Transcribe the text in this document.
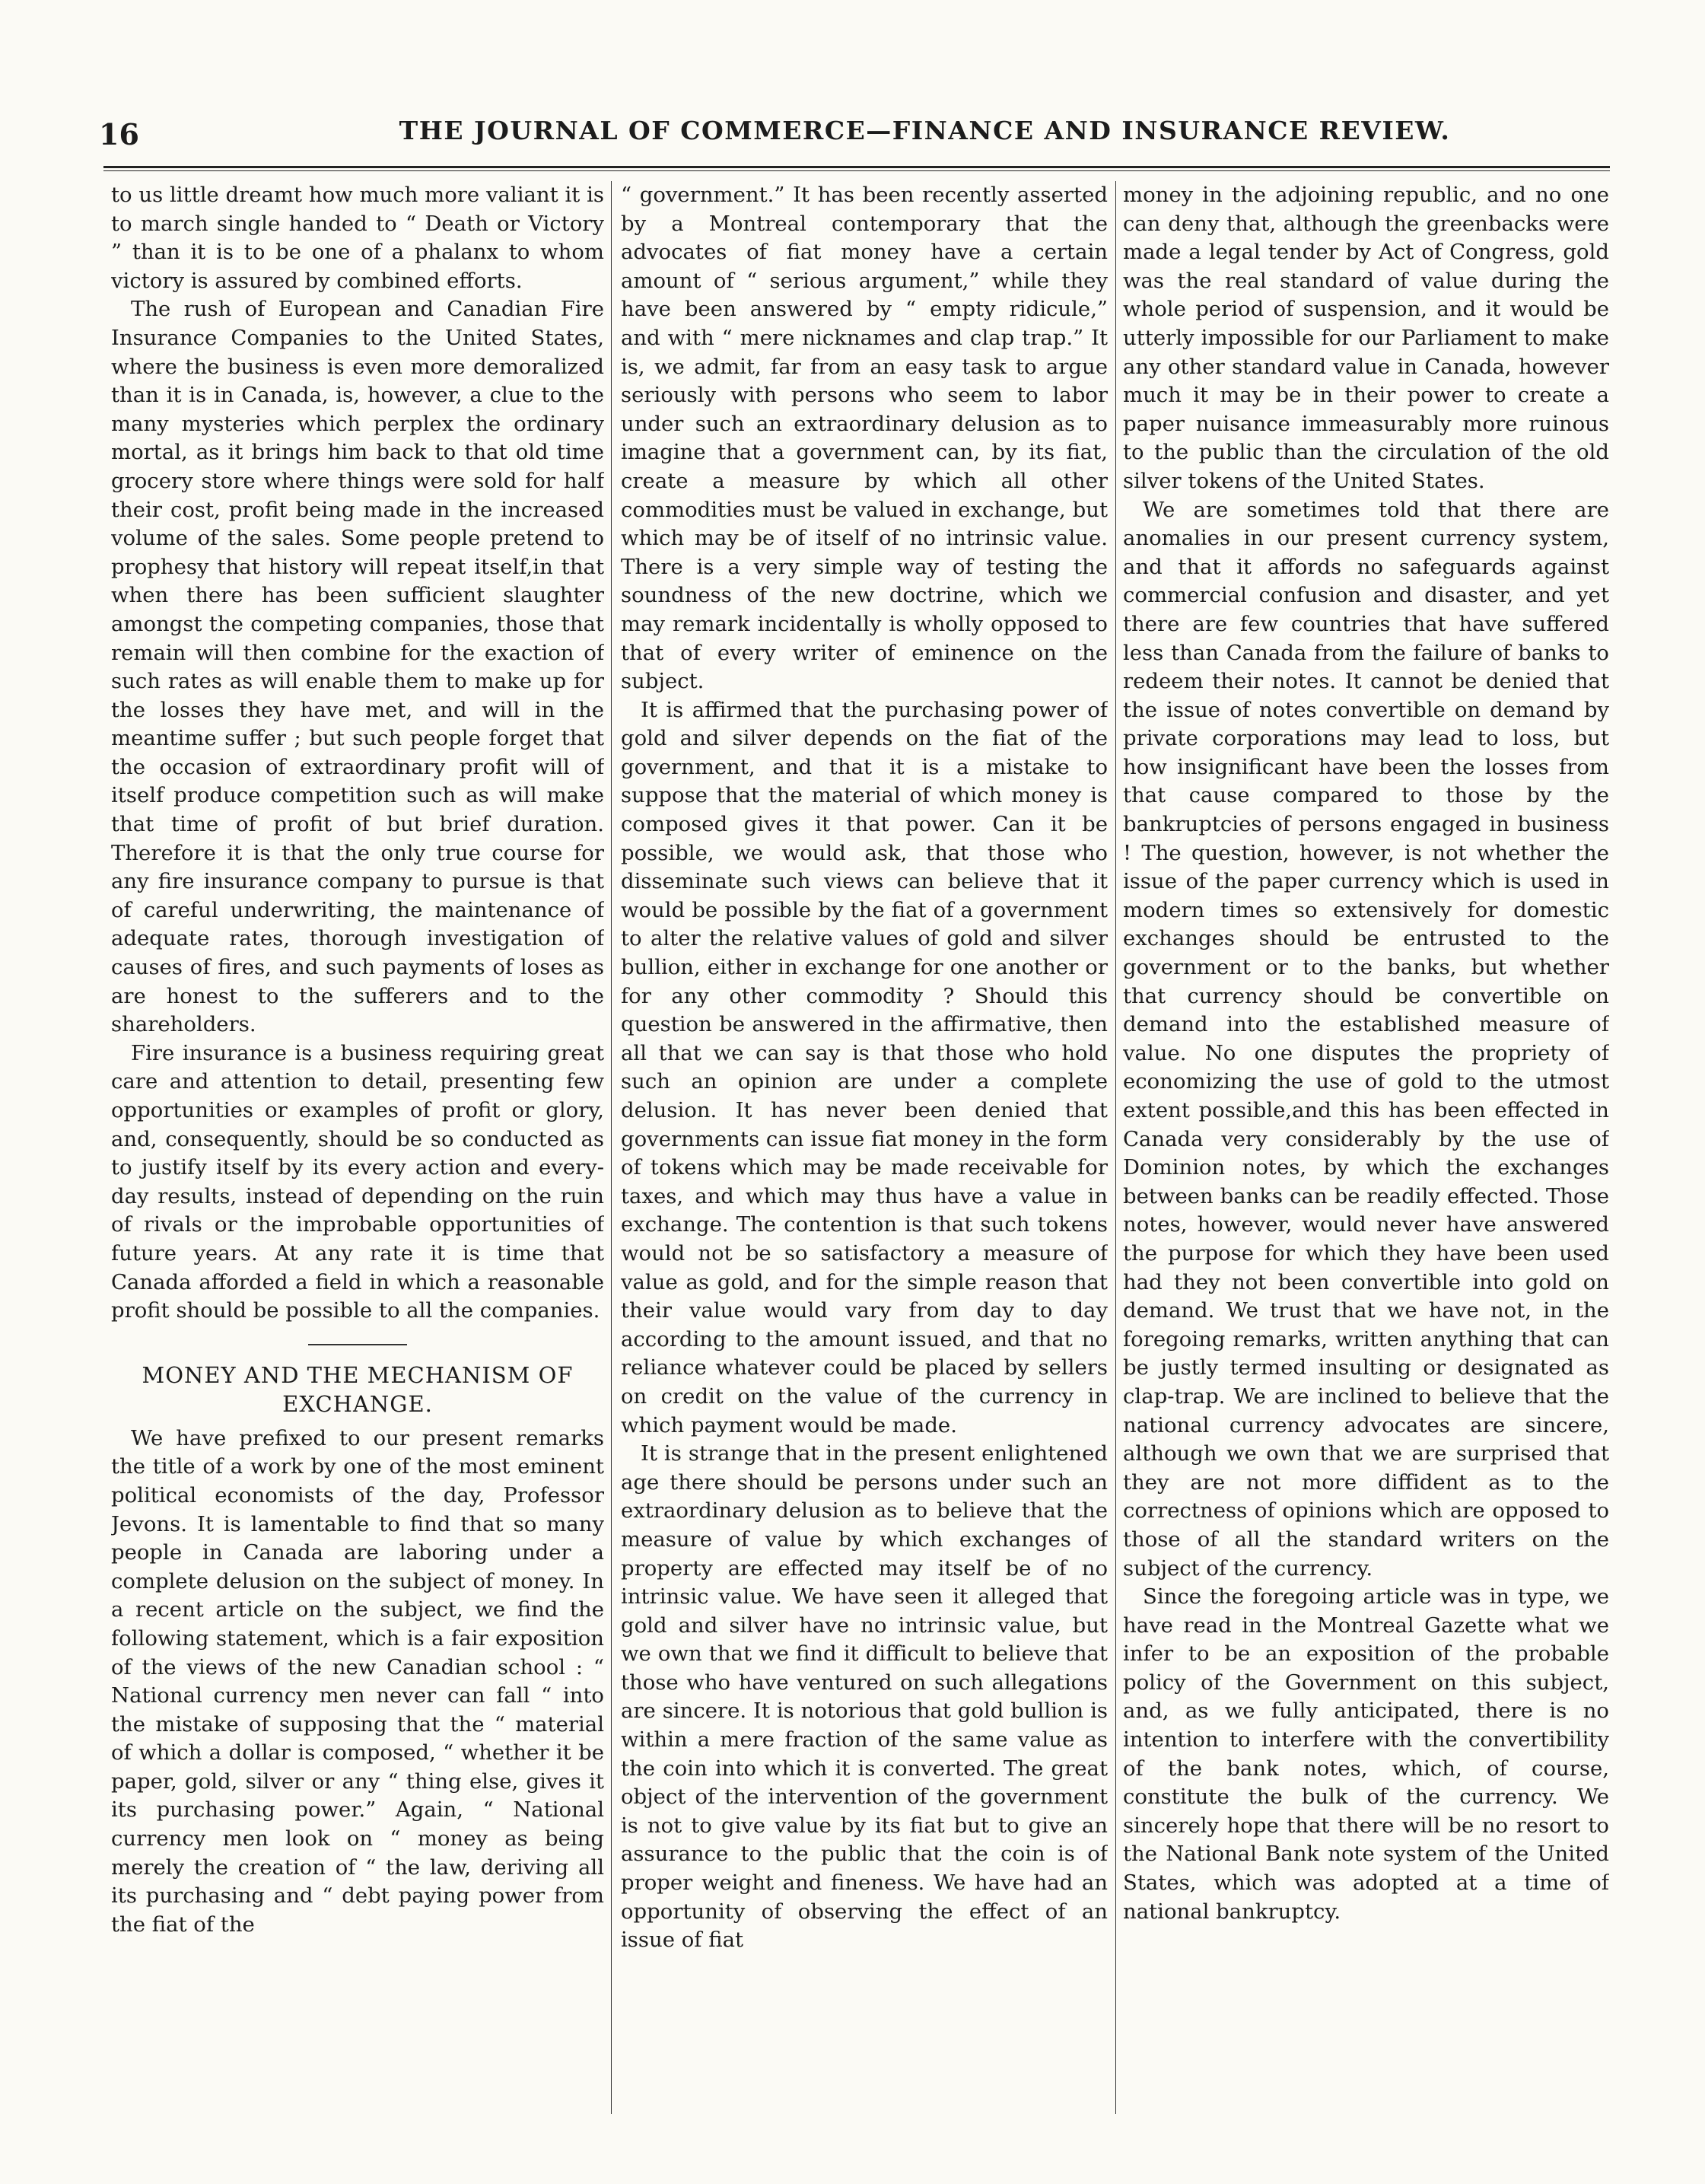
16	THE JOURNAL OF COMMERCE—FINANCE AND INSURANCE REVIEW.

to us little dreamt how much more valiant it is to march single handed to “ Death or Victory ” than it is to be one of a phalanx to whom victory is assured by combined efforts.

The rush of European and Canadian Fire Insurance Companies to the United States, where the business is even more demoralized than it is in Canada, is, however, a clue to the many mysteries which perplex the ordinary mortal, as it brings him back to that old time grocery store where things were sold for half their cost, profit being made in the increased volume of the sales. Some people pretend to prophesy that history will repeat itself,in that when there has been sufficient slaughter amongst the competing companies, those that remain will then combine for the exaction of such rates as will enable them to make up for the losses they have met, and will in the meantime suffer ; but such people forget that the occasion of extraordinary profit will of itself produce competition such as will make that time of profit of but brief duration. Therefore it is that the only true course for any fire insurance company to pursue is that of careful underwriting, the maintenance of adequate rates, thorough investigation of causes of fires, and such payments of loses as are honest to the sufferers and to the shareholders.

Fire insurance is a business requiring great care and attention to detail, presenting few opportunities or examples of profit or glory, and, consequently, should be so conducted as to justify itself by its every action and every-day results, instead of depending on the ruin of rivals or the improbable opportunities of future years. At any rate it is time that Canada afforded a field in which a reasonable profit should be possible to all the companies.

MONEY AND THE MECHANISM OF EXCHANGE.

We have prefixed to our present remarks the title of a work by one of the most eminent political economists of the day, Professor Jevons. It is lamentable to find that so many people in Canada are laboring under a complete delusion on the subject of money. In a recent article on the subject, we find the following statement, which is a fair exposition of the views of the new Canadian school : “ National currency men never can fall “ into the mistake of supposing that the “ material of which a dollar is composed, “ whether it be paper, gold, silver or any “ thing else, gives it its purchasing power.” Again, “ National currency men look on “ money as being merely the creation of “ the law, deriving all its purchasing and “ debt paying power from the fiat of the

“ government.” It has been recently asserted by a Montreal contemporary that the advocates of fiat money have a certain amount of “ serious argument,” while they have been answered by “ empty ridicule,” and with “ mere nicknames and clap trap.” It is, we admit, far from an easy task to argue seriously with persons who seem to labor under such an extraordinary delusion as to imagine that a government can, by its fiat, create a measure by which all other commodities must be valued in exchange, but which may be of itself of no intrinsic value. There is a very simple way of testing the soundness of the new doctrine, which we may remark incidentally is wholly opposed to that of every writer of eminence on the subject.

It is affirmed that the purchasing power of gold and silver depends on the fiat of the government, and that it is a mistake to suppose that the material of which money is composed gives it that power. Can it be possible, we would ask, that those who disseminate such views can believe that it would be possible by the fiat of a government to alter the relative values of gold and silver bullion, either in exchange for one another or for any other commodity ? Should this question be answered in the affirmative, then all that we can say is that those who hold such an opinion are under a complete delusion. It has never been denied that governments can issue fiat money in the form of tokens which may be made receivable for taxes, and which may thus have a value in exchange. The contention is that such tokens would not be so satisfactory a measure of value as gold, and for the simple reason that their value would vary from day to day according to the amount issued, and that no reliance whatever could be placed by sellers on credit on the value of the currency in which payment would be made.

It is strange that in the present enlightened age there should be persons under such an extraordinary delusion as to believe that the measure of value by which exchanges of property are effected may itself be of no intrinsic value. We have seen it alleged that gold and silver have no intrinsic value, but we own that we find it difficult to believe that those who have ventured on such allegations are sincere. It is notorious that gold bullion is within a mere fraction of the same value as the coin into which it is converted. The great object of the intervention of the government is not to give value by its fiat but to give an assurance to the public that the coin is of proper weight and fineness. We have had an opportunity of observing the effect of an issue of fiat

money in the adjoining republic, and no one can deny that, although the greenbacks were made a legal tender by Act of Congress, gold was the real standard of value during the whole period of suspension, and it would be utterly impossible for our Parliament to make any other standard value in Canada, however much it may be in their power to create a paper nuisance immeasurably more ruinous to the public than the circulation of the old silver tokens of the United States.

We are sometimes told that there are anomalies in our present currency system, and that it affords no safeguards against commercial confusion and disaster, and yet there are few countries that have suffered less than Canada from the failure of banks to redeem their notes. It cannot be denied that the issue of notes convertible on demand by private corporations may lead to loss, but how insignificant have been the losses from that cause compared to those by the bankruptcies of persons engaged in business ! The question, however, is not whether the issue of the paper currency which is used in modern times so extensively for domestic exchanges should be entrusted to the government or to the banks, but whether that currency should be convertible on demand into the established measure of value. No one disputes the propriety of economizing the use of gold to the utmost extent possible,and this has been effected in Canada very considerably by the use of Dominion notes, by which the exchanges between banks can be readily effected. Those notes, however, would never have answered the purpose for which they have been used had they not been convertible into gold on demand. We trust that we have not, in the foregoing remarks, written anything that can be justly termed insulting or designated as clap-trap. We are inclined to believe that the national currency advocates are sincere, although we own that we are surprised that they are not more diffident as to the correctness of opinions which are opposed to those of all the standard writers on the subject of the currency.

Since the foregoing article was in type, we have read in the Montreal Gazette what we infer to be an exposition of the probable policy of the Government on this subject, and, as we fully anticipated, there is no intention to interfere with the convertibility of the bank notes, which, of course, constitute the bulk of the currency. We sincerely hope that there will be no resort to the National Bank note system of the United States, which was adopted at a time of national bankruptcy.
